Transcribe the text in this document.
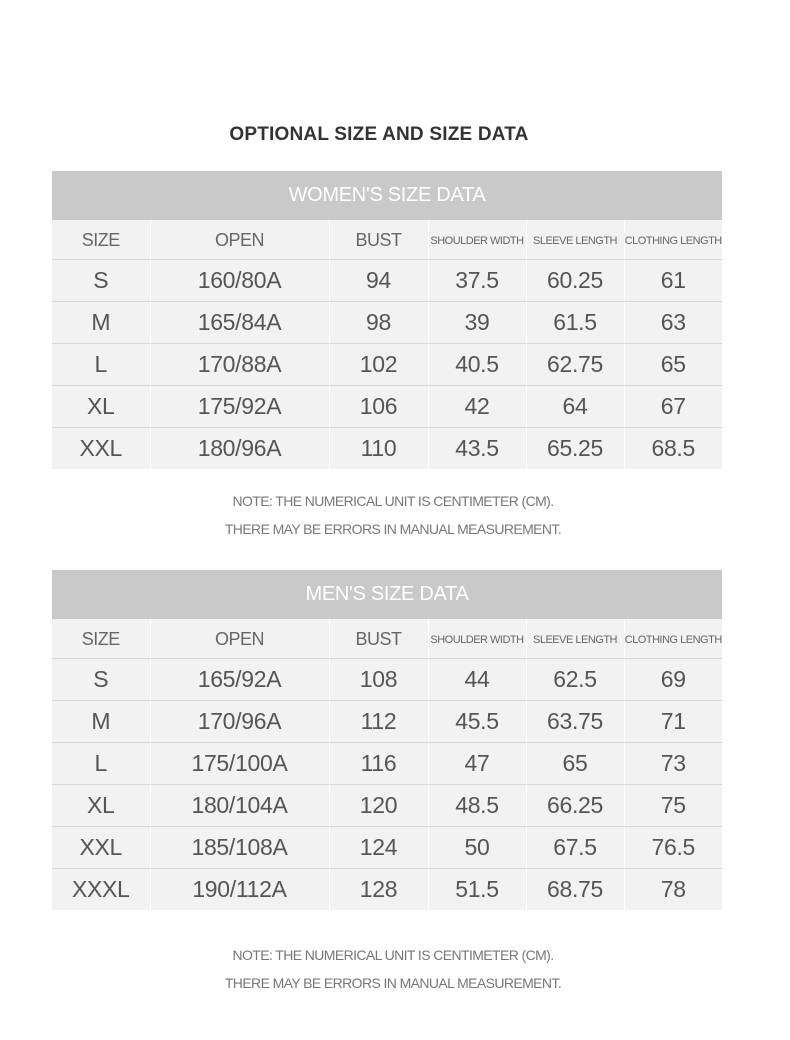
OPTIONAL SIZE AND SIZE DATA
WOMEN'S SIZE DATA					
SIZE	OPEN	BUST	SHOULDER WIDTH	SLEEVE LENGTH	CLOTHING LENGTH
S	160/80A	94	37.5	60.25	61
M	165/84A	98	39	61.5	63
L	170/88A	102	40.5	62.75	65
XL	175/92A	106	42	64	67
XXL	180/96A	110	43.5	65.25	68.5
NOTE: THE NUMERICAL UNIT IS CENTIMETER (CM).
THERE MAY BE ERRORS IN MANUAL MEASUREMENT.
MEN'S SIZE DATA					
SIZE	OPEN	BUST	SHOULDER WIDTH	SLEEVE LENGTH	CLOTHING LENGTH
S	165/92A	108	44	62.5	69
M	170/96A	112	45.5	63.75	71
L	175/100A	116	47	65	73
XL	180/104A	120	48.5	66.25	75
XXL	185/108A	124	50	67.5	76.5
XXXL	190/112A	128	51.5	68.75	78
NOTE: THE NUMERICAL UNIT IS CENTIMETER (CM).
THERE MAY BE ERRORS IN MANUAL MEASUREMENT.
